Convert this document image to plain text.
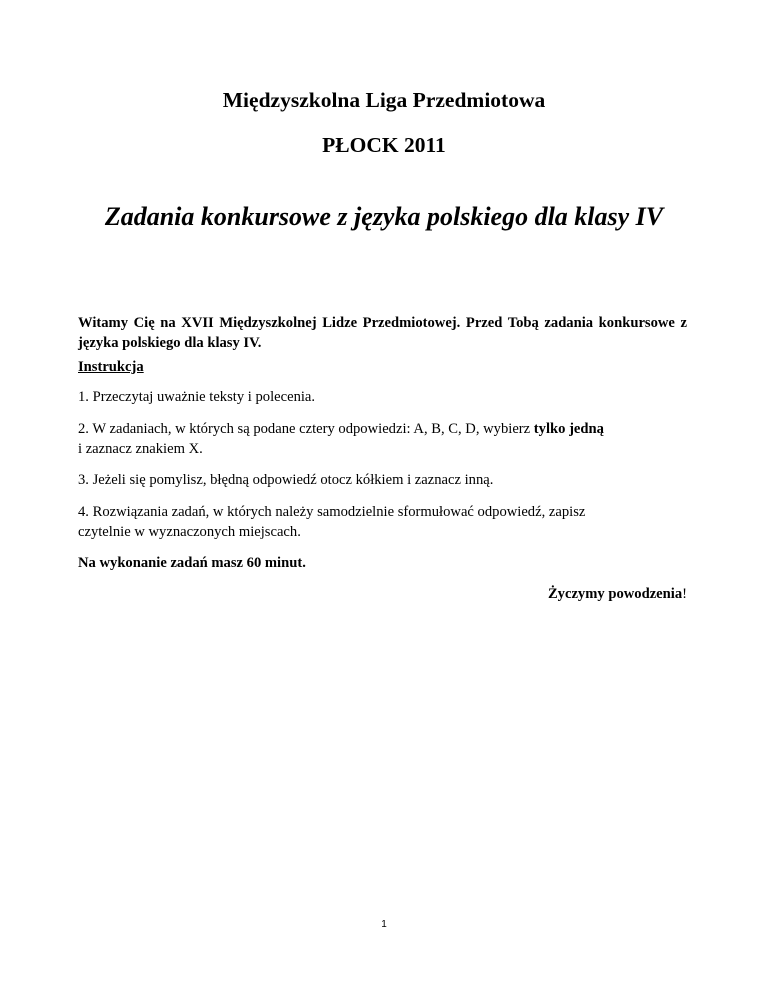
Międzyszkolna Liga Przedmiotowa
PŁOCK 2011
Zadania konkursowe z języka polskiego dla klasy IV

Witamy Cię na XVII Międzyszkolnej Lidze Przedmiotowej. Przed Tobą zadania konkursowe z języka polskiego dla klasy IV.

Instrukcja

1. Przeczytaj uważnie teksty i polecenia.

2. W zadaniach, w których są podane cztery odpowiedzi: A, B, C, D, wybierz tylko jedną
i zaznacz znakiem X.

3. Jeżeli się pomylisz, błędną odpowiedź otocz kółkiem i zaznacz inną.

4. Rozwiązania zadań, w których należy samodzielnie sformułować odpowiedź, zapisz
czytelnie w wyznaczonych miejscach.

Na wykonanie zadań masz 60 minut.

Życzymy powodzenia!

1
